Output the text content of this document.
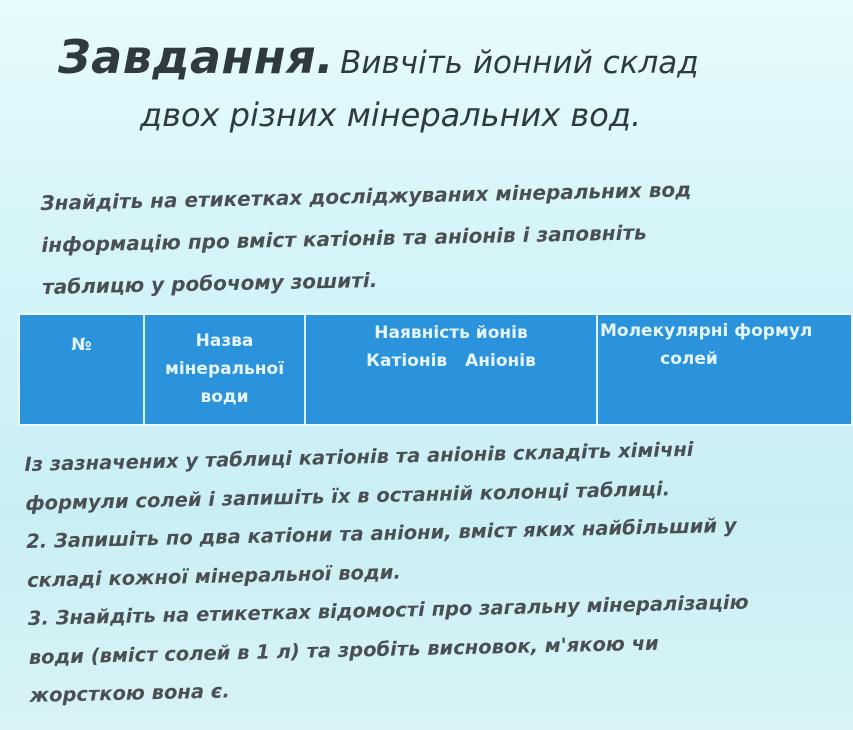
Завдання. Вивчіть йонний склад
двох різних мінеральних вод.
Знайдіть на етикетках досліджуваних мінеральних вод
інформацію про вміст катіонів та аніонів і заповніть
таблицю у робочому зошиті.
№	Назва
мінеральної
води
Наявність йонів
Катіонів Аніонів
Молекулярні формул
солей
Із зазначених у таблиці катіонів та аніонів складіть хімічні
формули солей і запишіть їх в останній колонці таблиці.
2. Запишіть по два катіони та аніони, вміст яких найбільший у
складі кожної мінеральної води.
3. Знайдіть на етикетках відомості про загальну мінералізацію
води (вміст солей в 1 л) та зробіть висновок, м'якою чи
жорсткою вона є.
